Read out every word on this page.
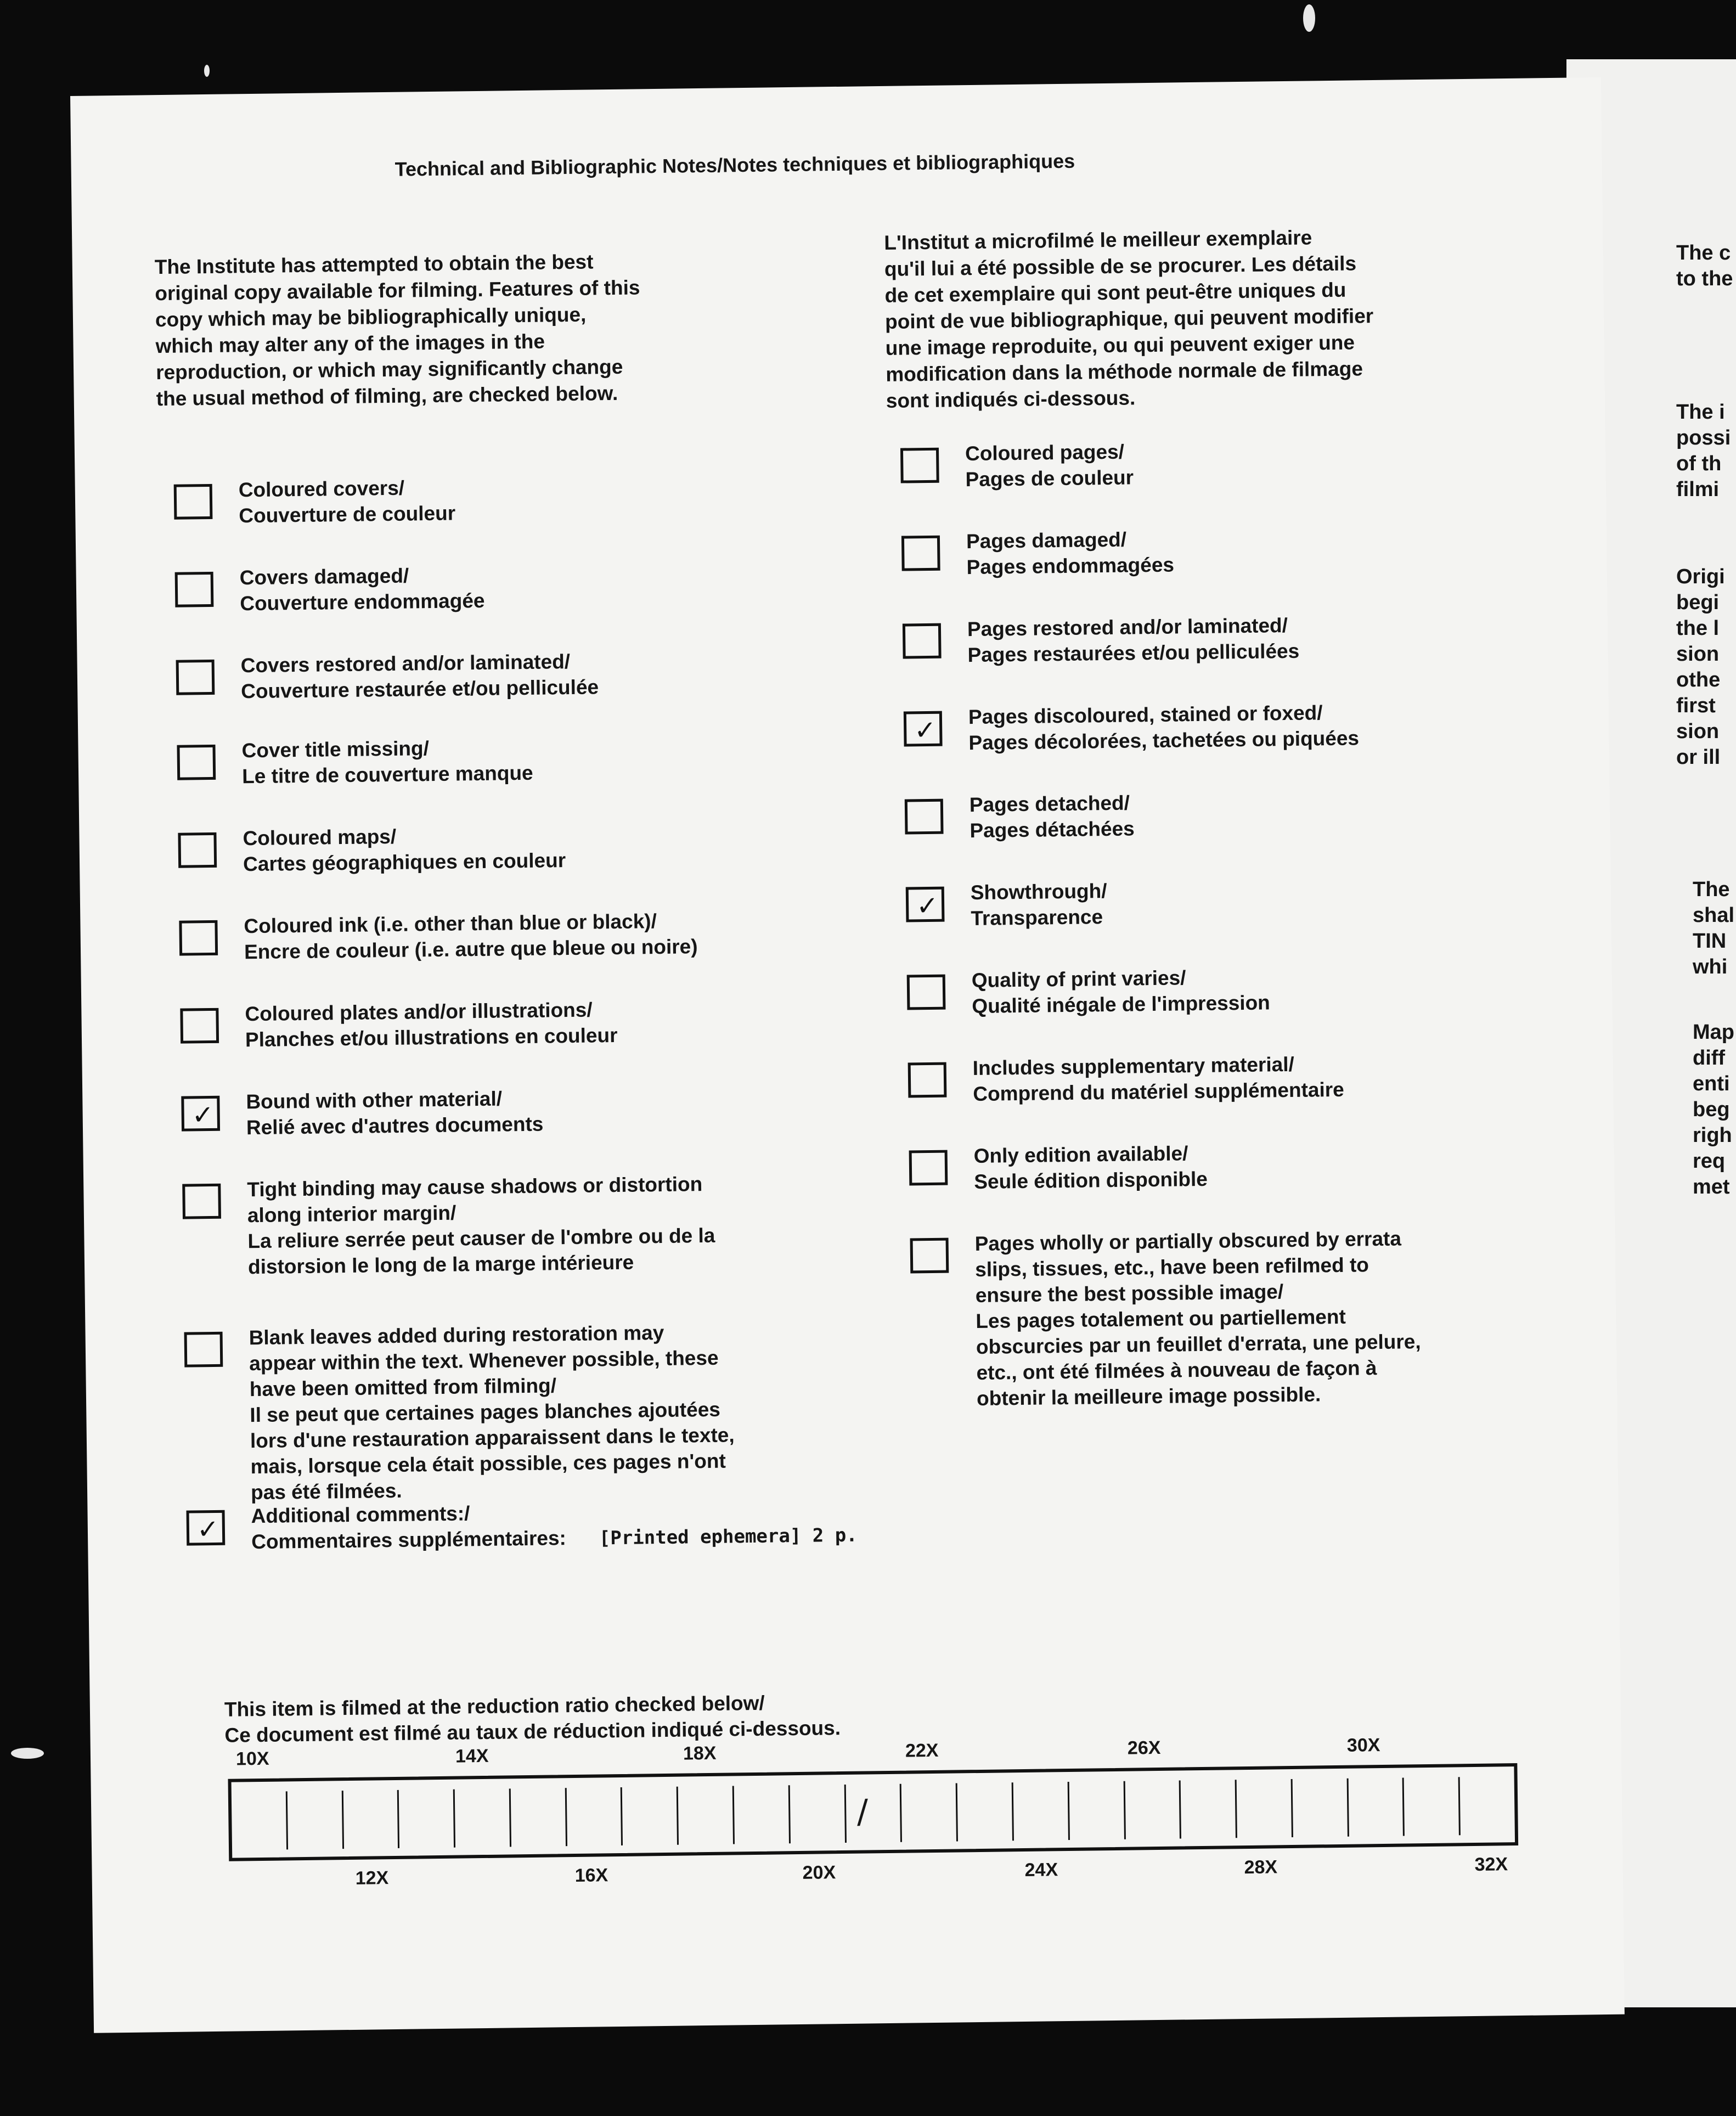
The c
to the
The i
possi
of th
filmi
Origi
begi
the l
sion
othe
first
sion
or ill
The
shal
TIN
whi
Map
diff
enti
beg
righ
req
met
Technical and Bibliographic Notes/Notes techniques et bibliographiques
The Institute has attempted to obtain the best
original copy available for filming. Features of this
copy which may be bibliographically unique,
which may alter any of the images in the
reproduction, or which may significantly change
the usual method of filming, are checked below.
L'Institut a microfilmé le meilleur exemplaire
qu'il lui a été possible de se procurer. Les détails
de cet exemplaire qui sont peut-être uniques du
point de vue bibliographique, qui peuvent modifier
une image reproduite, ou qui peuvent exiger une
modification dans la méthode normale de filmage
sont indiqués ci-dessous.
Coloured covers/
Couverture de couleur
Covers damaged/
Couverture endommagée
Covers restored and/or laminated/
Couverture restaurée et/ou pelliculée
Cover title missing/
Le titre de couverture manque
Coloured maps/
Cartes géographiques en couleur
Coloured ink (i.e. other than blue or black)/
Encre de couleur (i.e. autre que bleue ou noire)
Coloured plates and/or illustrations/
Planches et/ou illustrations en couleur
✓ Bound with other material/
Relié avec d'autres documents
Tight binding may cause shadows or distortion
along interior margin/
La reliure serrée peut causer de l'ombre ou de la
distorsion le long de la marge intérieure
Blank leaves added during restoration may
appear within the text. Whenever possible, these
have been omitted from filming/
Il se peut que certaines pages blanches ajoutées
lors d'une restauration apparaissent dans le texte,
mais, lorsque cela était possible, ces pages n'ont
pas été filmées.
✓ Additional comments:/
Commentaires supplémentaires: [Printed ephemera] 2 p.
Coloured pages/
Pages de couleur
Pages damaged/
Pages endommagées
Pages restored and/or laminated/
Pages restaurées et/ou pelliculées
✓
Pages discoloured, stained or foxed/
Pages décolorées, tachetées ou piquées
Pages detached/
Pages détachées
✓ Showthrough/
Transparence
Quality of print varies/
Qualité inégale de l'impression
Includes supplementary material/
Comprend du matériel supplémentaire
Only edition available/
Seule édition disponible
Pages wholly or partially obscured by errata
slips, tissues, etc., have been refilmed to
ensure the best possible image/
Les pages totalement ou partiellement
obscurcies par un feuillet d'errata, une pelure,
etc., ont été filmées à nouveau de façon à
obtenir la meilleure image possible.
This item is filmed at the reduction ratio checked below/
Ce document est filmé au taux de réduction indiqué ci-dessous.
10X	14X	18X	22X	26X	30X
/
12X	16X	20X	24X	28X	32X
